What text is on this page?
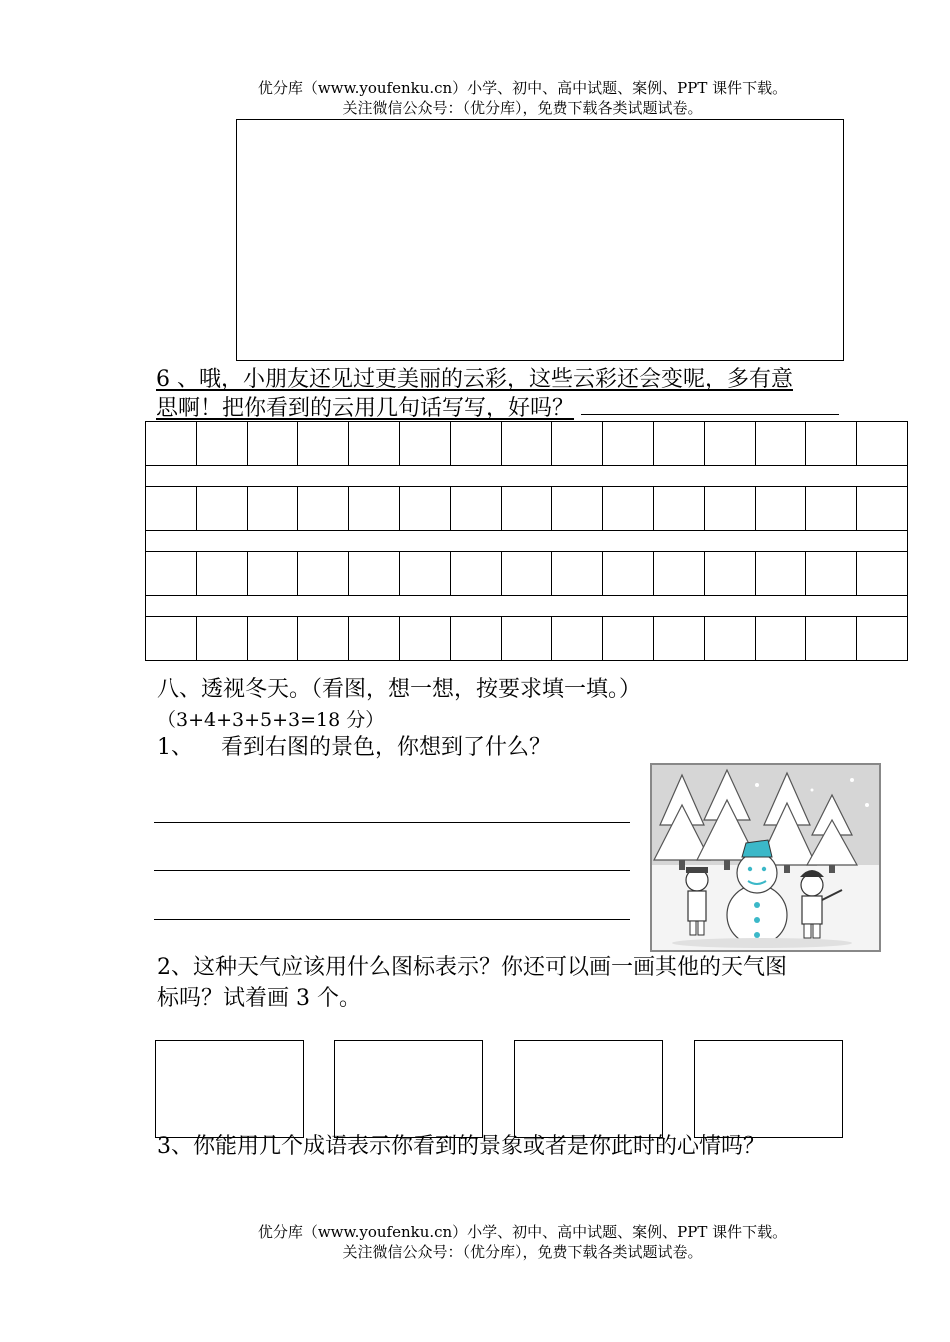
优分库（www.youfenku.cn）小学、初中、高中试题、案例、PPT 课件下载。
关注微信公众号：（优分库），免费下载各类试题试卷。
6 、哦，小朋友还见过更美丽的云彩，这些云彩还会变呢，多有意
思啊！把你看到的云用几句话写写，好吗？
八、透视冬天。（看图，想一想，按要求填一填。）
（3+4+3+5+3=18 分）
1、    看到右图的景色，你想到了什么？
2、这种天气应该用什么图标表示？你还可以画一画其他的天气图
标吗？试着画 3 个。
3、你能用几个成语表示你看到的景象或者是你此时的心情吗？
优分库（www.youfenku.cn）小学、初中、高中试题、案例、PPT 课件下载。
关注微信公众号：（优分库），免费下载各类试题试卷。
